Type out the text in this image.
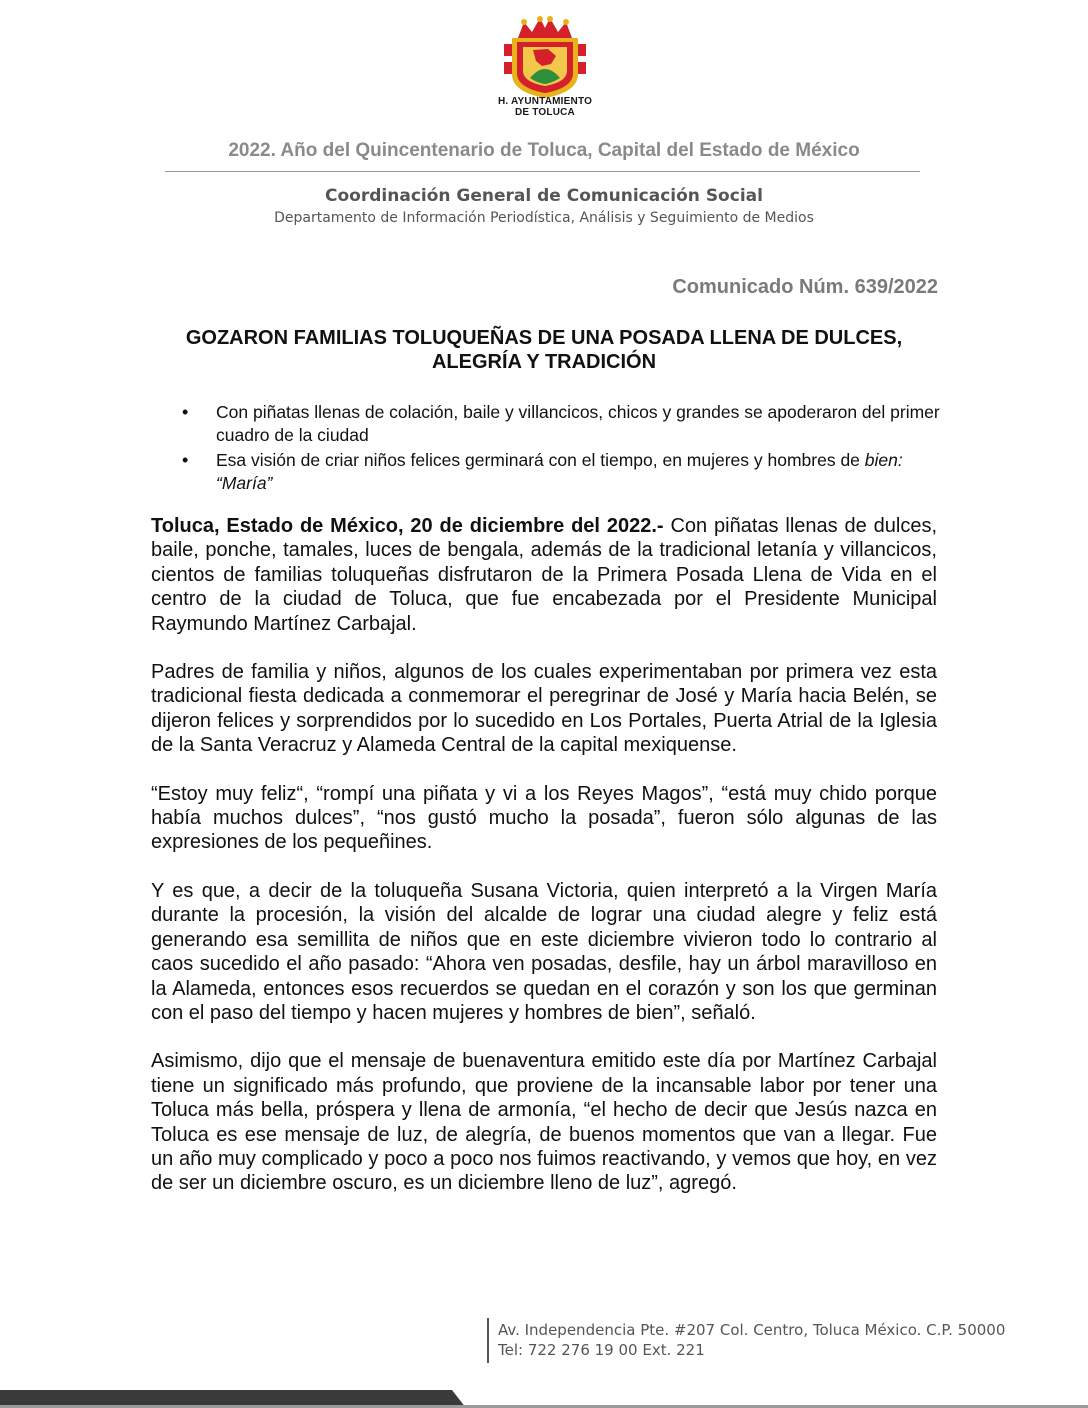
H. AYUNTAMIENTO
DE TOLUCA
2022. Año del Quincentenario de Toluca, Capital del Estado de México
Coordinación General de Comunicación Social
Departamento de Información Periodística, Análisis y Seguimiento de Medios
Comunicado Núm. 639/2022
GOZARON FAMILIAS TOLUQUEÑAS DE UNA POSADA LLENA DE DULCES, ALEGRÍA Y TRADICIÓN
• Con piñatas llenas de colación, baile y villancicos, chicos y grandes se apoderaron del primer cuadro de la ciudad
• Esa visión de criar niños felices germinará con el tiempo, en mujeres y hombres de bien: “María”

Toluca, Estado de México, 20 de diciembre del 2022.- Con piñatas llenas de dulces, baile, ponche, tamales, luces de bengala, además de la tradicional letanía y villancicos, cientos de familias toluqueñas disfrutaron de la Primera Posada Llena de Vida en el centro de la ciudad de Toluca, que fue encabezada por el Presidente Municipal Raymundo Martínez Carbajal.

Padres de familia y niños, algunos de los cuales experimentaban por primera vez esta tradicional fiesta dedicada a conmemorar el peregrinar de José y María hacia Belén, se dijeron felices y sorprendidos por lo sucedido en Los Portales, Puerta Atrial de la Iglesia de la Santa Veracruz y Alameda Central de la capital mexiquense.

“Estoy muy feliz“, “rompí una piñata y vi a los Reyes Magos”, “está muy chido porque había muchos dulces”, “nos gustó mucho la posada”, fueron sólo algunas de las expresiones de los pequeñines.

Y es que, a decir de la toluqueña Susana Victoria, quien interpretó a la Virgen María durante la procesión, la visión del alcalde de lograr una ciudad alegre y feliz está generando esa semillita de niños que en este diciembre vivieron todo lo contrario al caos sucedido el año pasado: “Ahora ven posadas, desfile, hay un árbol maravilloso en la Alameda, entonces esos recuerdos se quedan en el corazón y son los que germinan con el paso del tiempo y hacen mujeres y hombres de bien”, señaló.

Asimismo, dijo que el mensaje de buenaventura emitido este día por Martínez Carbajal tiene un significado más profundo, que proviene de la incansable labor por tener una Toluca más bella, próspera y llena de armonía, “el hecho de decir que Jesús nazca en Toluca es ese mensaje de luz, de alegría, de buenos momentos que van a llegar. Fue un año muy complicado y poco a poco nos fuimos reactivando, y vemos que hoy, en vez de ser un diciembre oscuro, es un diciembre lleno de luz”, agregó.

Av. Independencia Pte. #207 Col. Centro, Toluca México. C.P. 50000
Tel: 722 276 19 00 Ext. 221
